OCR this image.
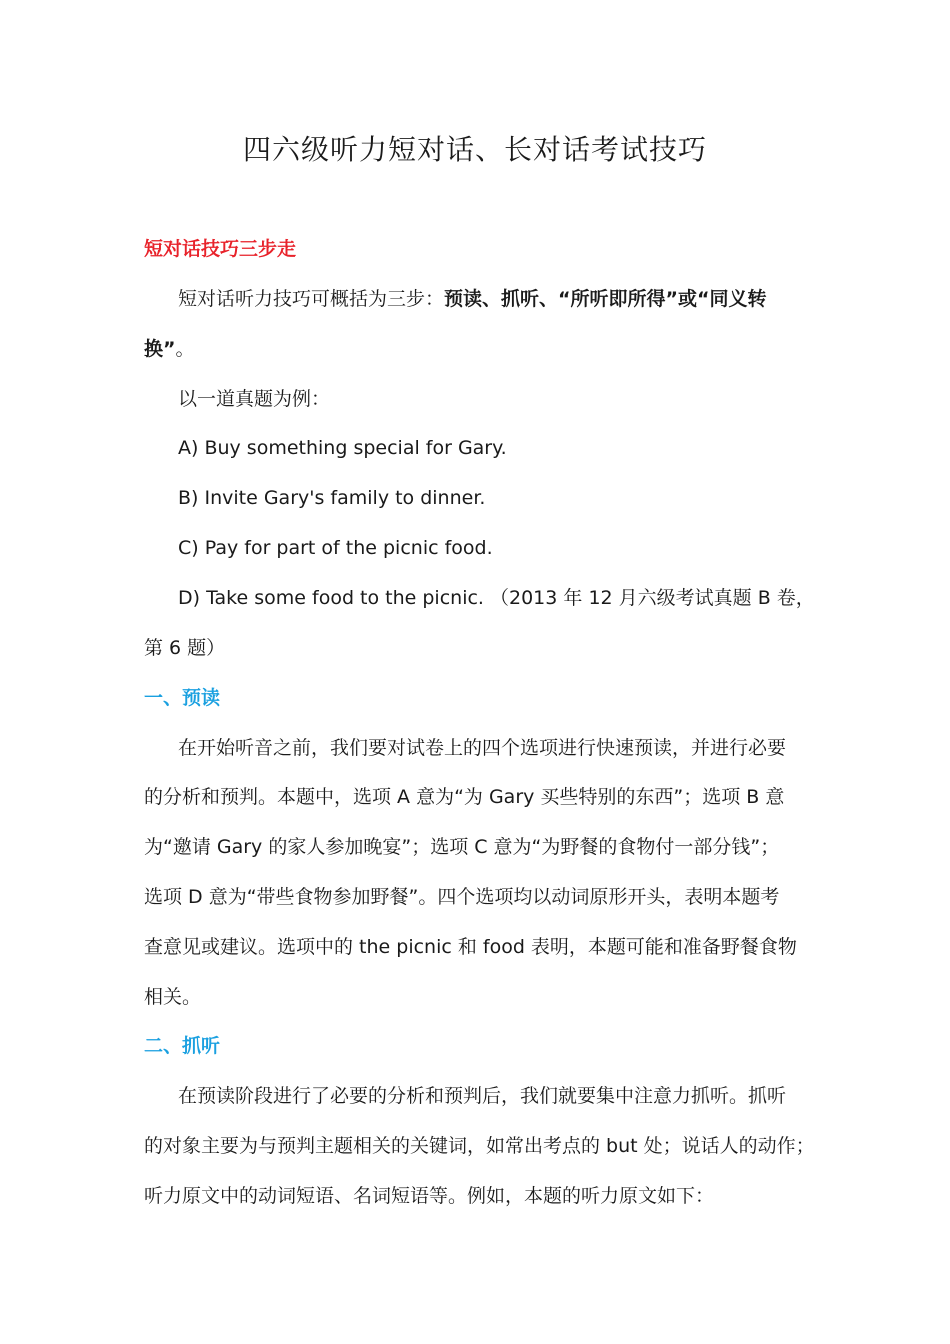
四六级听力短对话、长对话考试技巧
短对话技巧三步走
短对话听力技巧可概括为三步：预读、抓听、“所听即所得”或“同义转
换”。
以一道真题为例：
A) Buy something special for Gary.
B) Invite Gary's family to dinner.
C) Pay for part of the picnic food.
D) Take some food to the picnic. （2013 年 12 月六级考试真题 B 卷，
第 6 题）
一、预读
在开始听音之前，我们要对试卷上的四个选项进行快速预读，并进行必要
的分析和预判。本题中，选项 A 意为“为 Gary 买些特别的东西”；选项 B 意
为“邀请 Gary 的家人参加晚宴”；选项 C 意为“为野餐的食物付一部分钱”；
选项 D 意为“带些食物参加野餐”。四个选项均以动词原形开头，表明本题考
查意见或建议。选项中的 the picnic 和 food 表明，本题可能和准备野餐食物
相关。
二、抓听
在预读阶段进行了必要的分析和预判后，我们就要集中注意力抓听。抓听
的对象主要为与预判主题相关的关键词，如常出考点的 but 处；说话人的动作；
听力原文中的动词短语、名词短语等。例如，本题的听力原文如下：
